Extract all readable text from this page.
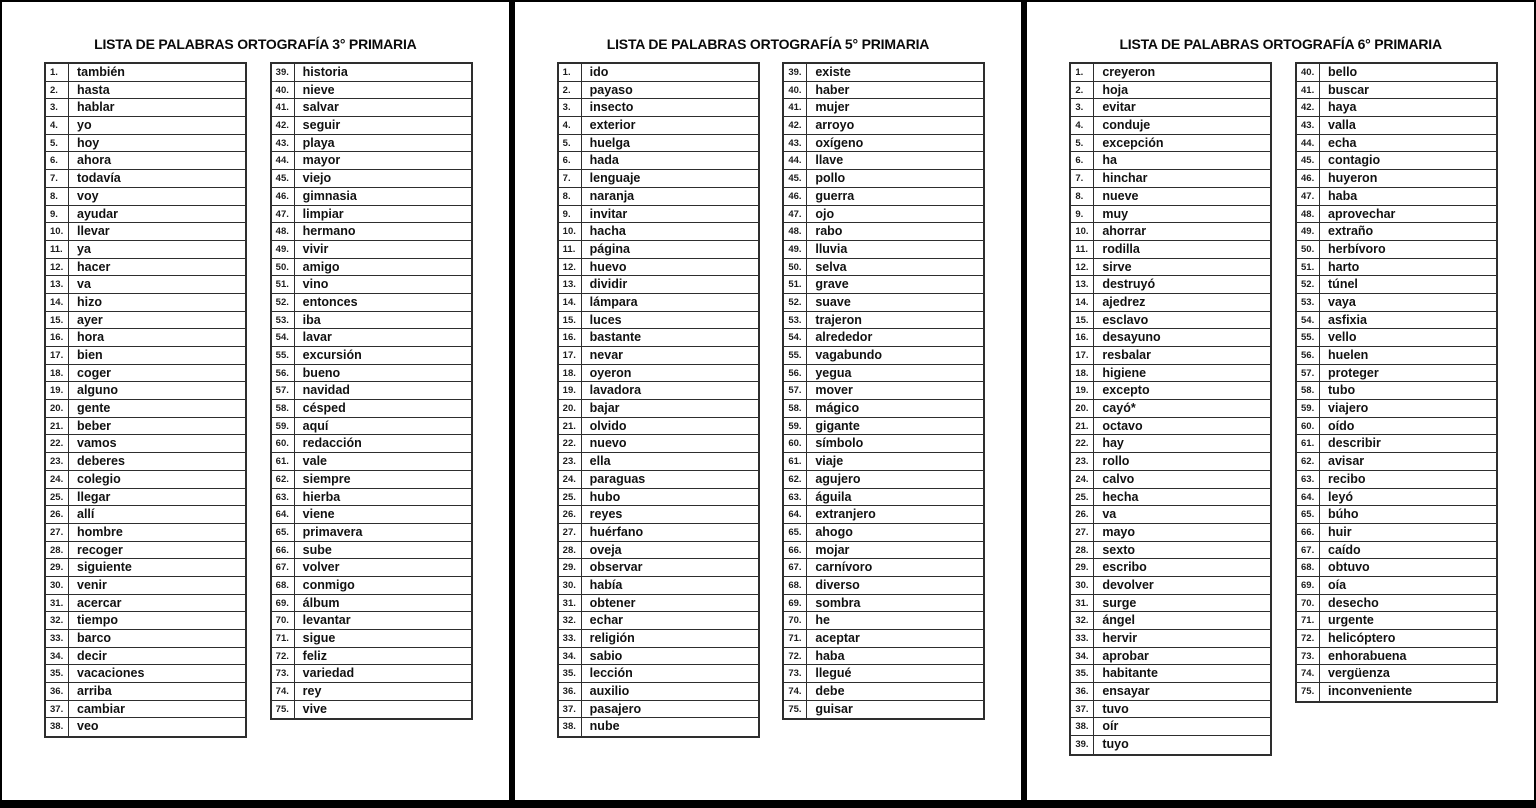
LISTA DE PALABRAS ORTOGRAFÍA 3° PRIMARIA
1.	también
2.	hasta
3.	hablar
4.	yo
5.	hoy
6.	ahora
7.	todavía
8.	voy
9.	ayudar
10.	llevar
11.	ya
12.	hacer
13.	va
14.	hizo
15.	ayer
16.	hora
17.	bien
18.	coger
19.	alguno
20.	gente
21.	beber
22.	vamos
23.	deberes
24.	colegio
25.	llegar
26.	allí
27.	hombre
28.	recoger
29.	siguiente
30.	venir
31.	acercar
32.	tiempo
33.	barco
34.	decir
35.	vacaciones
36.	arriba
37.	cambiar
38.	veo
39.	historia
40.	nieve
41.	salvar
42.	seguir
43.	playa
44.	mayor
45.	viejo
46.	gimnasia
47.	limpiar
48.	hermano
49.	vivir
50.	amigo
51.	vino
52.	entonces
53.	iba
54.	lavar
55.	excursión
56.	bueno
57.	navidad
58.	césped
59.	aquí
60.	redacción
61.	vale
62.	siempre
63.	hierba
64.	viene
65.	primavera
66.	sube
67.	volver
68.	conmigo
69.	álbum
70.	levantar
71.	sigue
72.	feliz
73.	variedad
74.	rey
75.	vive
LISTA DE PALABRAS ORTOGRAFÍA 5° PRIMARIA
1.	ido
2.	payaso
3.	insecto
4.	exterior
5.	huelga
6.	hada
7.	lenguaje
8.	naranja
9.	invitar
10.	hacha
11.	página
12.	huevo
13.	dividir
14.	lámpara
15.	luces
16.	bastante
17.	nevar
18.	oyeron
19.	lavadora
20.	bajar
21.	olvido
22.	nuevo
23.	ella
24.	paraguas
25.	hubo
26.	reyes
27.	huérfano
28.	oveja
29.	observar
30.	había
31.	obtener
32.	echar
33.	religión
34.	sabio
35.	lección
36.	auxilio
37.	pasajero
38.	nube
39.	existe
40.	haber
41.	mujer
42.	arroyo
43.	oxígeno
44.	llave
45.	pollo
46.	guerra
47.	ojo
48.	rabo
49.	lluvia
50.	selva
51.	grave
52.	suave
53.	trajeron
54.	alrededor
55.	vagabundo
56.	yegua
57.	mover
58.	mágico
59.	gigante
60.	símbolo
61.	viaje
62.	agujero
63.	águila
64.	extranjero
65.	ahogo
66.	mojar
67.	carnívoro
68.	diverso
69.	sombra
70.	he
71.	aceptar
72.	haba
73.	llegué
74.	debe
75.	guisar
LISTA DE PALABRAS ORTOGRAFÍA 6° PRIMARIA
1.	creyeron
2.	hoja
3.	evitar
4.	conduje
5.	excepción
6.	ha
7.	hinchar
8.	nueve
9.	muy
10.	ahorrar
11.	rodilla
12.	sirve
13.	destruyó
14.	ajedrez
15.	esclavo
16.	desayuno
17.	resbalar
18.	higiene
19.	excepto
20.	cayó*
21.	octavo
22.	hay
23.	rollo
24.	calvo
25.	hecha
26.	va
27.	mayo
28.	sexto
29.	escribo
30.	devolver
31.	surge
32.	ángel
33.	hervir
34.	aprobar
35.	habitante
36.	ensayar
37.	tuvo
38.	oír
39.	tuyo
40.	bello
41.	buscar
42.	haya
43.	valla
44.	echa
45.	contagio
46.	huyeron
47.	haba
48.	aprovechar
49.	extraño
50.	herbívoro
51.	harto
52.	túnel
53.	vaya
54.	asfixia
55.	vello
56.	huelen
57.	proteger
58.	tubo
59.	viajero
60.	oído
61.	describir
62.	avisar
63.	recibo
64.	leyó
65.	búho
66.	huir
67.	caído
68.	obtuvo
69.	oía
70.	desecho
71.	urgente
72.	helicóptero
73.	enhorabuena
74.	vergüenza
75.	inconveniente
